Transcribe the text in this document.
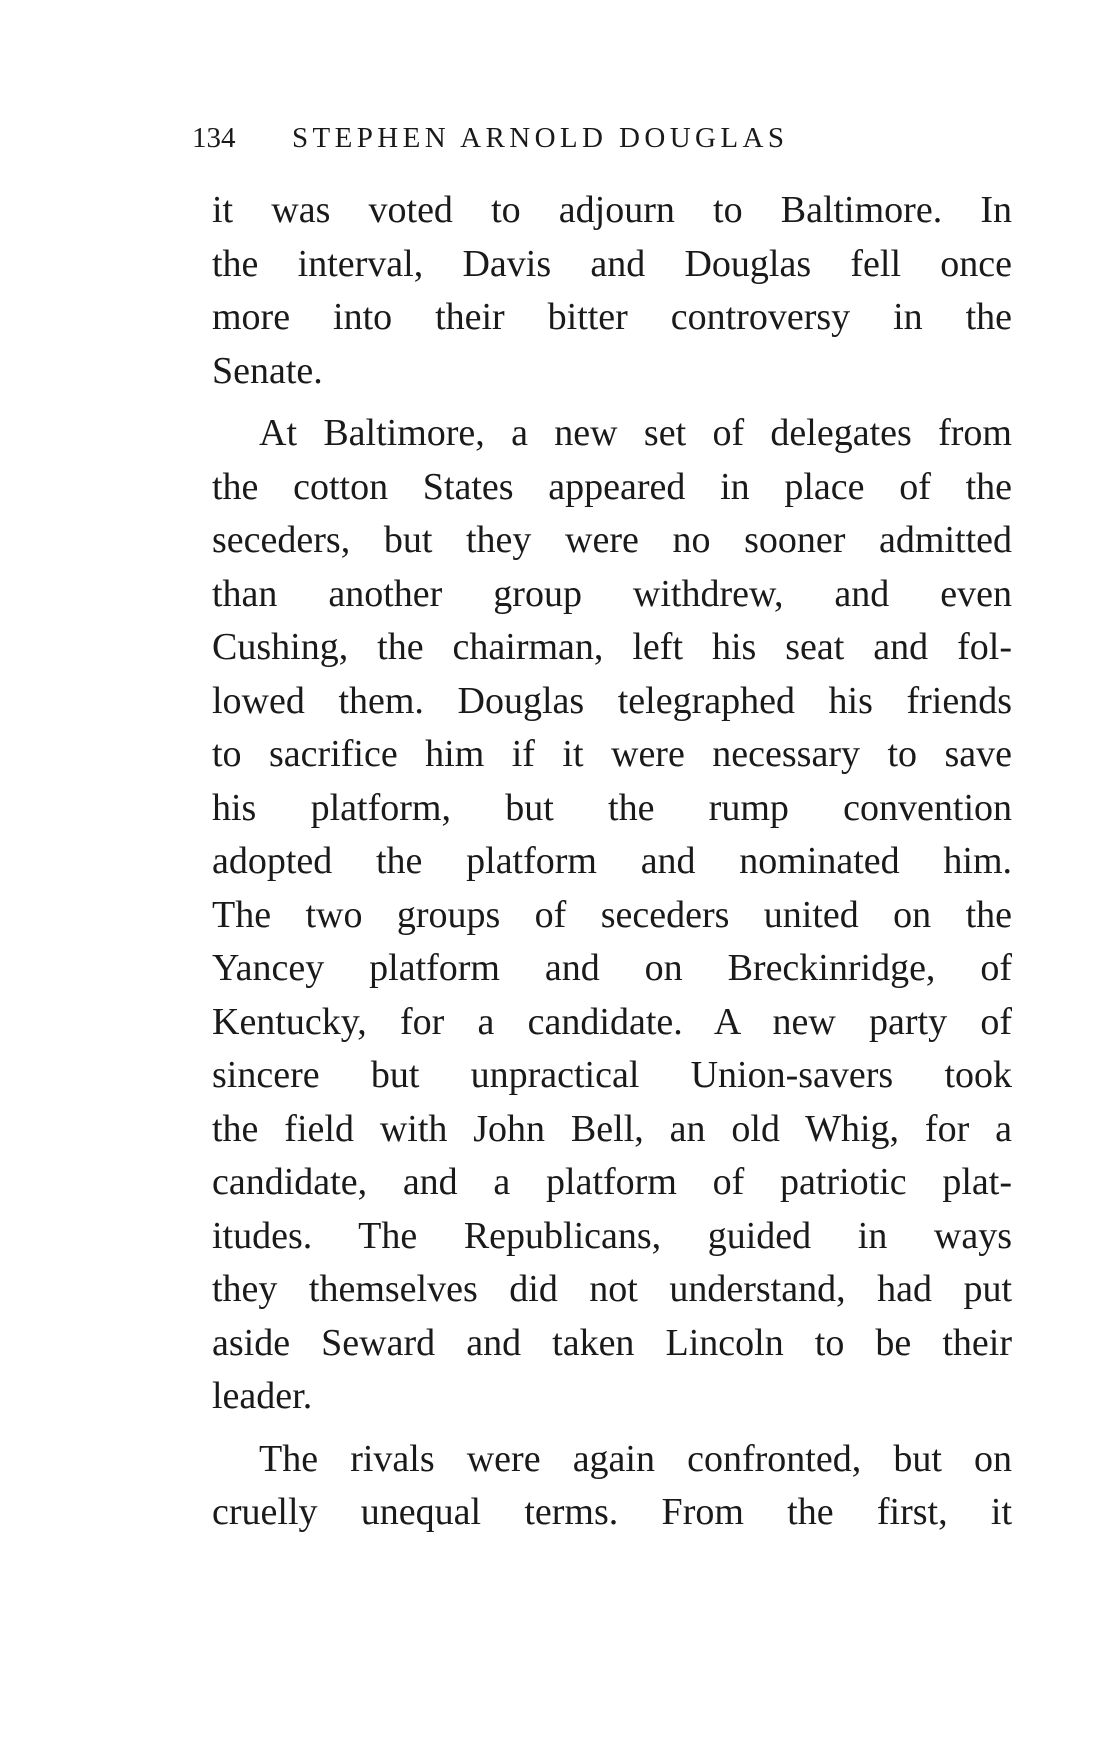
134 STEPHEN ARNOLD DOUGLAS
it was voted to adjourn to Baltimore. In
the interval, Davis and Douglas fell once
more into their bitter controversy in the
Senate.
At Baltimore, a new set of delegates from
the cotton States appeared in place of the
seceders, but they were no sooner admitted
than another group withdrew, and even
Cushing, the chairman, left his seat and fol-
lowed them. Douglas telegraphed his friends
to sacrifice him if it were necessary to save
his platform, but the rump convention
adopted the platform and nominated him.
The two groups of seceders united on the
Yancey platform and on Breckinridge, of
Kentucky, for a candidate. A new party of
sincere but unpractical Union-savers took
the field with John Bell, an old Whig, for a
candidate, and a platform of patriotic plat-
itudes. The Republicans, guided in ways
they themselves did not understand, had put
aside Seward and taken Lincoln to be their
leader.
The rivals were again confronted, but on
cruelly unequal terms. From the first, it
